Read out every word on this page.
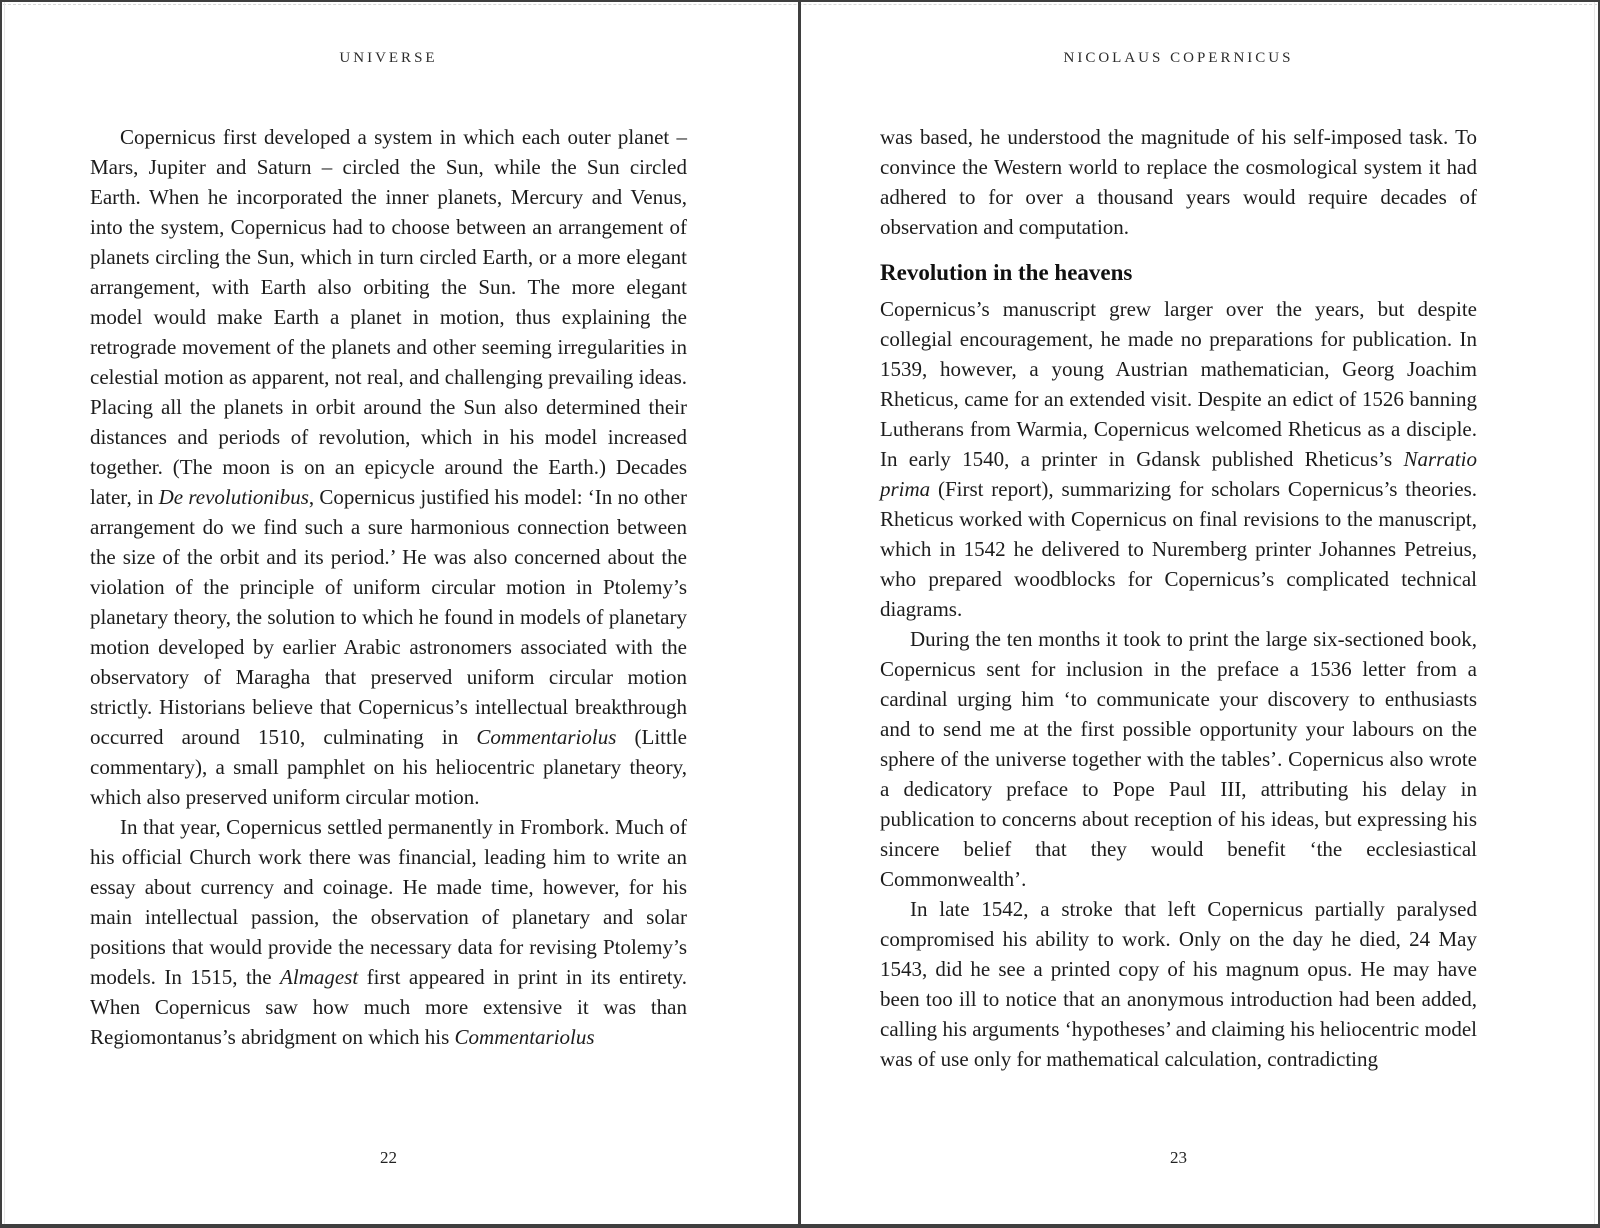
UNIVERSE

Copernicus first developed a system in which each outer planet – Mars, Jupiter and Saturn – circled the Sun, while the Sun circled Earth. When he incorporated the inner planets, Mercury and Venus, into the system, Copernicus had to choose between an arrangement of planets circling the Sun, which in turn circled Earth, or a more elegant arrangement, with Earth also orbiting the Sun. The more elegant model would make Earth a planet in motion, thus explaining the retrograde movement of the planets and other seeming irregularities in celestial motion as apparent, not real, and challenging prevailing ideas. Placing all the planets in orbit around the Sun also determined their distances and periods of revolution, which in his model increased together. (The moon is on an epicycle around the Earth.) Decades later, in De revolutionibus, Copernicus justified his model: ‘In no other arrangement do we find such a sure harmonious connection between the size of the orbit and its period.’ He was also concerned about the violation of the principle of uniform circular motion in Ptolemy’s planetary theory, the solution to which he found in models of planetary motion developed by earlier Arabic astronomers associated with the observatory of Maragha that preserved uniform circular motion strictly. Historians believe that Copernicus’s intellectual breakthrough occurred around 1510, culminating in Commentariolus (Little commentary), a small pamphlet on his heliocentric planetary theory, which also preserved uniform circular motion.

In that year, Copernicus settled permanently in Frombork. Much of his official Church work there was financial, leading him to write an essay about currency and coinage. He made time, however, for his main intellectual passion, the observation of planetary and solar positions that would provide the necessary data for revising Ptolemy’s models. In 1515, the Almagest first appeared in print in its entirety. When Copernicus saw how much more extensive it was than Regiomontanus’s abridgment on which his Commentariolus

22
NICOLAUS COPERNICUS

was based, he understood the magnitude of his self-imposed task. To convince the Western world to replace the cosmological system it had adhered to for over a thousand years would require decades of observation and computation.

Revolution in the heavens

Copernicus’s manuscript grew larger over the years, but despite collegial encouragement, he made no preparations for publication. In 1539, however, a young Austrian mathematician, Georg Joachim Rheticus, came for an extended visit. Despite an edict of 1526 banning Lutherans from Warmia, Copernicus welcomed Rheticus as a disciple. In early 1540, a printer in Gdansk published Rheticus’s Narratio prima (First report), summarizing for scholars Copernicus’s theories. Rheticus worked with Copernicus on final revisions to the manuscript, which in 1542 he delivered to Nuremberg printer Johannes Petreius, who prepared woodblocks for Copernicus’s complicated technical diagrams.

During the ten months it took to print the large six-sectioned book, Copernicus sent for inclusion in the preface a 1536 letter from a cardinal urging him ‘to communicate your discovery to enthusiasts and to send me at the first possible opportunity your labours on the sphere of the universe together with the tables’. Copernicus also wrote a dedicatory preface to Pope Paul III, attributing his delay in publication to concerns about reception of his ideas, but expressing his sincere belief that they would benefit ‘the ecclesiastical Commonwealth’.

In late 1542, a stroke that left Copernicus partially paralysed compromised his ability to work. Only on the day he died, 24 May 1543, did he see a printed copy of his magnum opus. He may have been too ill to notice that an anonymous introduction had been added, calling his arguments ‘hypotheses’ and claiming his heliocentric model was of use only for mathematical calculation, contradicting

23
